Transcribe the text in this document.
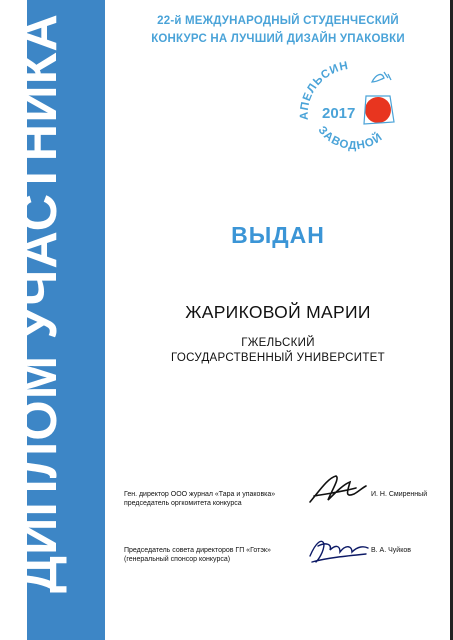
ДИПЛОМ УЧАСТНИКА	22-й МЕЖДУНАРОДНЫЙ СТУДЕНЧЕСКИЙ
КОНКУРС НА ЛУЧШИЙ ДИЗАЙН УПАКОВКИ
АПЕЛЬСИН
ЗАВОДНОЙ
2017
ВЫДАН
ЖАРИКОВОЙ МАРИИ
ГЖЕЛЬСКИЙ
ГОСУДАРСТВЕННЫЙ УНИВЕРСИТЕТ
Ген. директор ООО журнал «Тара и упаковка»
председатель оргкомитета конкурса
И. Н. Смиренный
Председатель совета директоров ГП «Готэк»
(генеральный спонсор конкурса)
В. А. Чуйков
